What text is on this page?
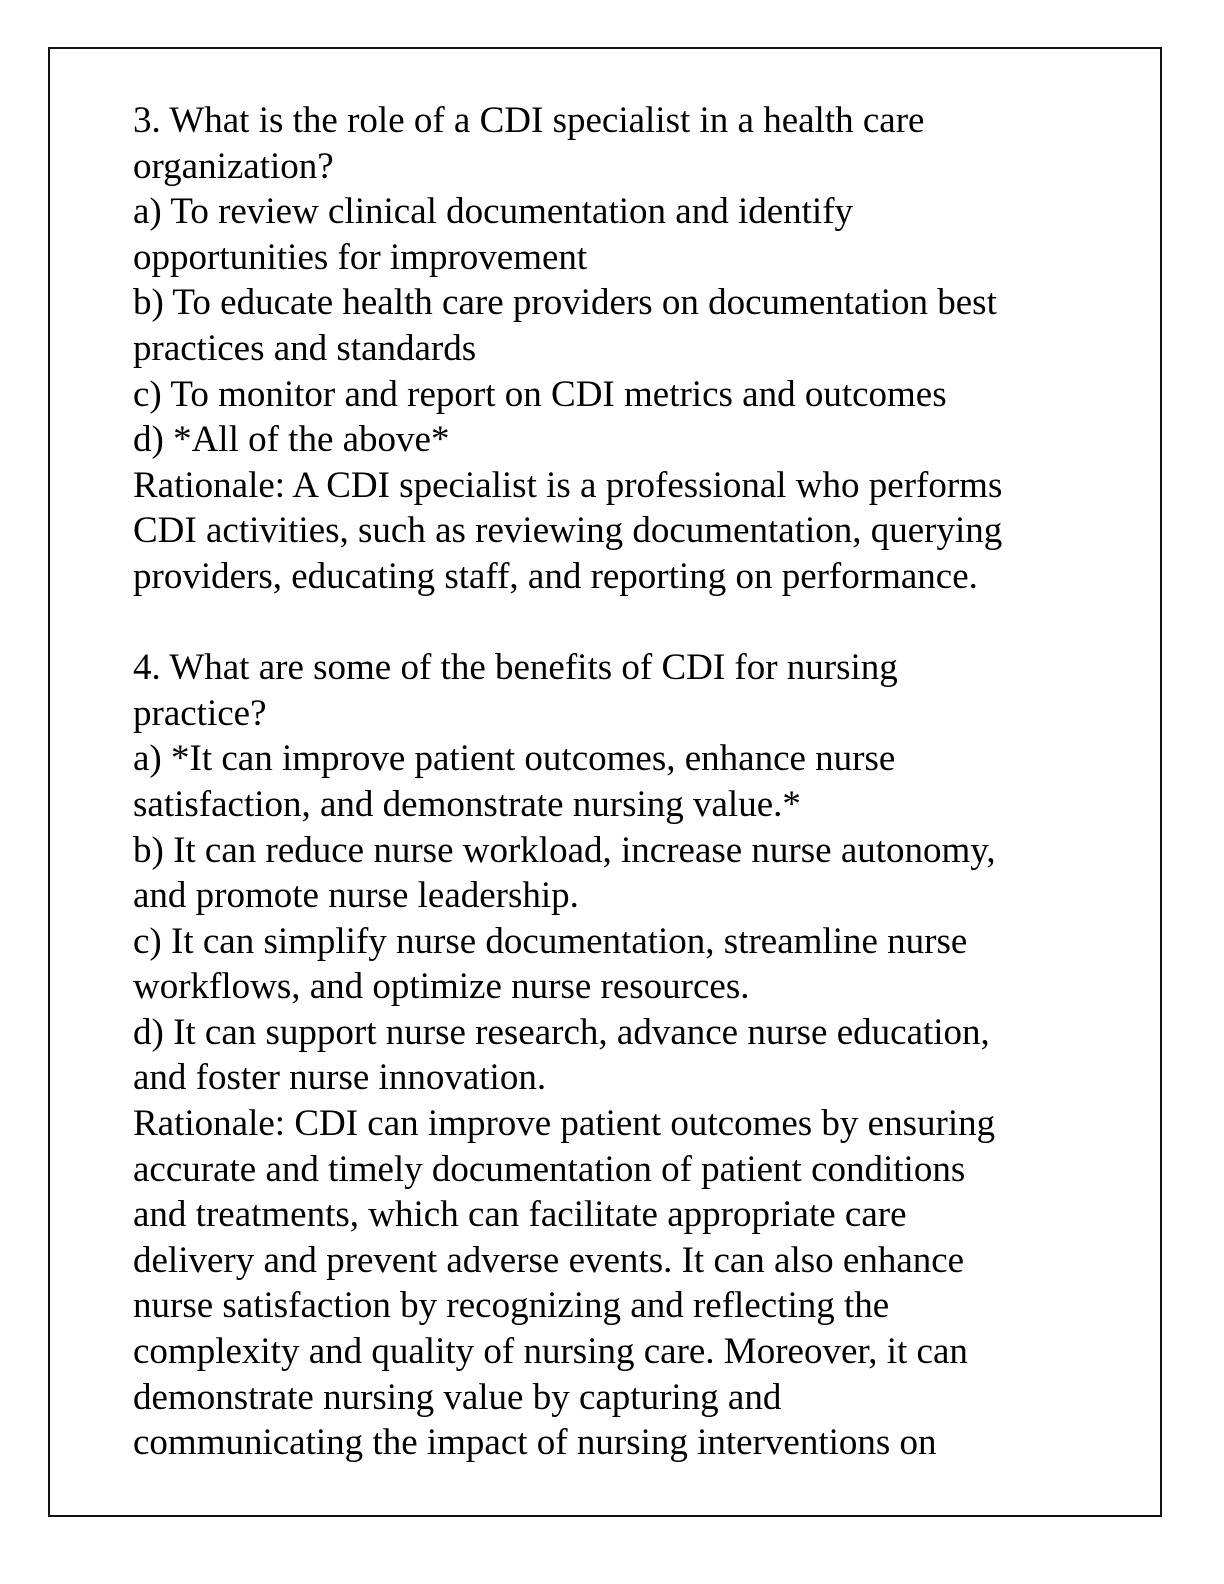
3. What is the role of a CDI specialist in a health care
organization?
a) To review clinical documentation and identify
opportunities for improvement
b) To educate health care providers on documentation best
practices and standards
c) To monitor and report on CDI metrics and outcomes
d) *All of the above*
Rationale: A CDI specialist is a professional who performs
CDI activities, such as reviewing documentation, querying
providers, educating staff, and reporting on performance.
4. What are some of the benefits of CDI for nursing
practice?
a) *It can improve patient outcomes, enhance nurse
satisfaction, and demonstrate nursing value.*
b) It can reduce nurse workload, increase nurse autonomy,
and promote nurse leadership.
c) It can simplify nurse documentation, streamline nurse
workflows, and optimize nurse resources.
d) It can support nurse research, advance nurse education,
and foster nurse innovation.
Rationale: CDI can improve patient outcomes by ensuring
accurate and timely documentation of patient conditions
and treatments, which can facilitate appropriate care
delivery and prevent adverse events. It can also enhance
nurse satisfaction by recognizing and reflecting the
complexity and quality of nursing care. Moreover, it can
demonstrate nursing value by capturing and
communicating the impact of nursing interventions on
